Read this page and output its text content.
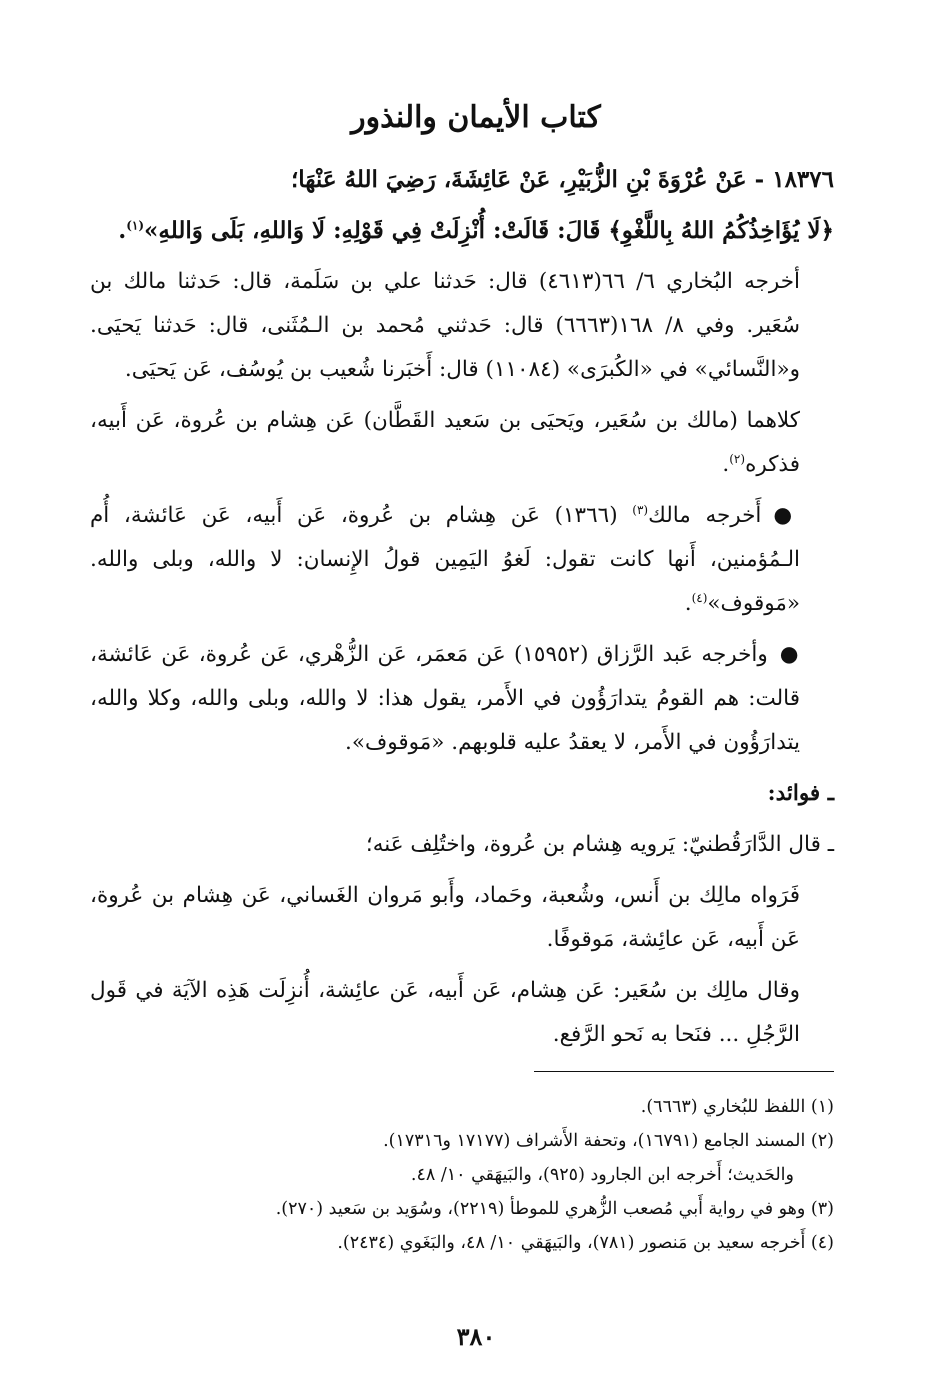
كتاب الأيمان والنذور

١٨٣٧٦ - عَنْ عُرْوَةَ بْنِ الزُّبَيْرِ، عَنْ عَائِشَةَ، رَضِيَ اللهُ عَنْهَا؛

﴿لَا يُؤَاخِذُكُمُ اللهُ بِاللَّغْوِ﴾ قَالَ: قَالَتْ: أُنْزِلَتْ فِي قَوْلِهِ: لَا وَاللهِ، بَلَى وَاللهِ»$^{(١)}$.

أخرجه البُخاري ٦/ ٦٦(٤٦١٣) قال: حَدثنا علي بن سَلَمة، قال: حَدثنا مالك بن سُعَير. وفي ٨/ ١٦٨(٦٦٦٣) قال: حَدثني مُحمد بن الـمُثَنى، قال: حَدثنا يَحيَى. و«النَّسائي» في «الكُبرَى» (١١٠٨٤) قال: أَخبَرنا شُعيب بن يُوسُف، عَن يَحيَى.

كلاهما (مالك بن سُعَير، ويَحيَى بن سَعيد القَطَّان) عَن هِشام بن عُروة، عَن أَبيه، فذكره$^{(٢)}$.

●أَخرجه مالك$^{(٣)}$ (١٣٦٦) عَن هِشام بن عُروة، عَن أَبيه، عَن عَائشة، أُم الـمُؤمنين، أَنها كانت تقول: لَغوُ اليَمِين قولُ الإِنسان: لا والله، وبلى والله. «مَوقوف»$^{(٤)}$.

●وأخرجه عَبد الرَّزاق (١٥٩٥٢) عَن مَعمَر، عَن الزُّهْري، عَن عُروة، عَن عَائشة، قالت: هم القومُ يتدارَؤُون في الأَمر، يقول هذا: لا والله، وبلى والله، وكلا والله، يتدارَؤُون في الأَمر، لا يعقدُ عليه قلوبهم. «مَوقوف».

ـ فوائد:

ـ قال الدَّارَقُطنيّ: يَرويه هِشام بن عُروة، واختُلِف عَنه؛

فَرَواه مالِك بن أَنس، وشُعبة، وحَماد، وأَبو مَروان الغَساني، عَن هِشام بن عُروة، عَن أَبيه، عَن عائِشة، مَوقوفًا.

وقال مالِك بن سُعَير: عَن هِشام، عَن أَبيه، عَن عائِشة، أُنزِلَت هَذِه الآيَة في قَول الرَّجُلِ ... فنَحا به نَحو الرَّفع.

(١) اللفظ للبُخاري (٦٦٦٣).
(٢) المسند الجامع (١٦٧٩١)، وتحفة الأَشراف (١٧١٧٧ و١٧٣١٦).
والحَديث؛ أَخرجه ابن الجارود (٩٢٥)، والبَيهَقي ١٠/ ٤٨.
(٣) وهو في رواية أَبي مُصعب الزُّهري للموطأ (٢٢١٩)، وسُوَيد بن سَعيد (٢٧٠).
(٤) أَخرجه سعيد بن مَنصور (٧٨١)، والبَيهَقي ١٠/ ٤٨، والبَغَوي (٢٤٣٤).
٣٨٠
